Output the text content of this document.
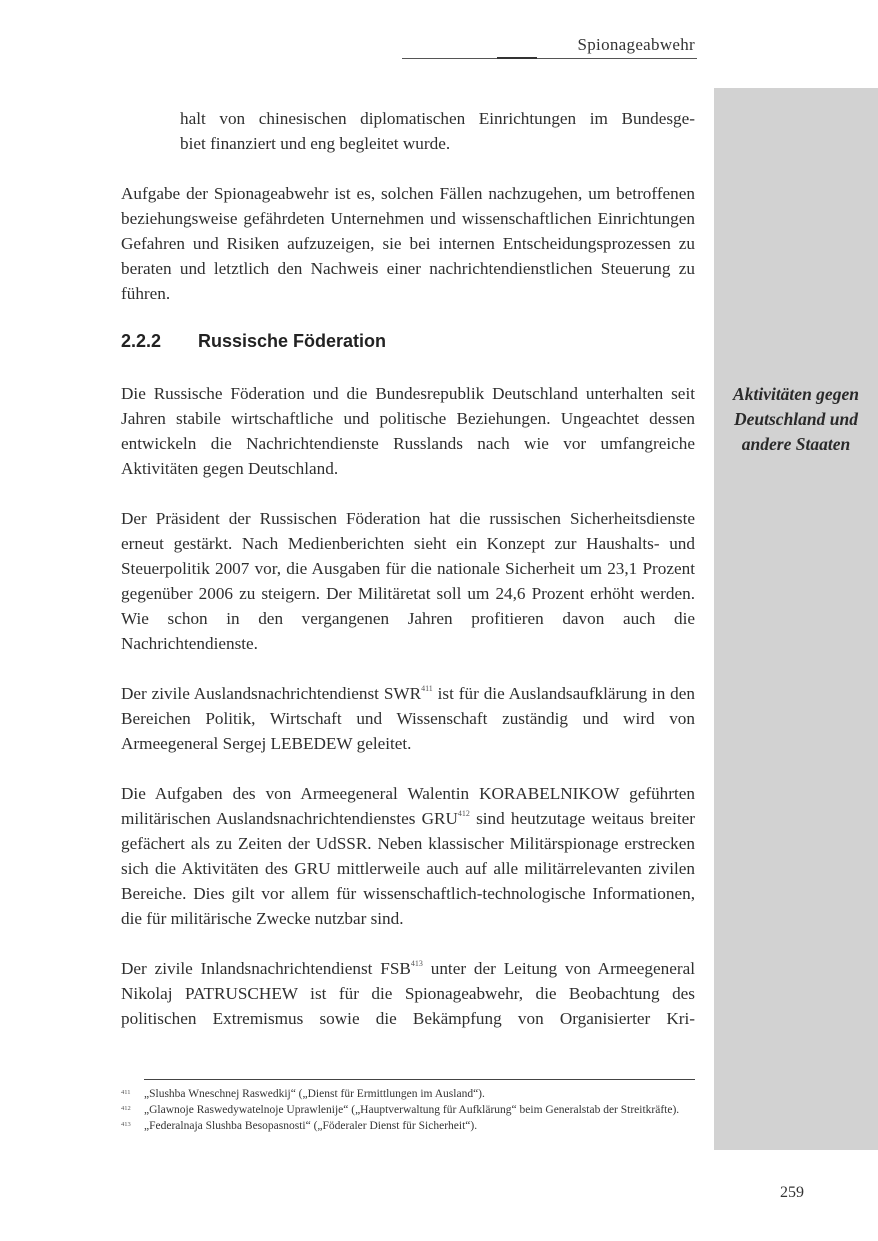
Spionageabwehr
Aktivitäten gegen
Deutschland und
andere Staaten

halt von chinesischen diplomatischen Einrichtungen im Bundesge-

biet finanziert und eng begleitet wurde.

Aufgabe der Spionageabwehr ist es, solchen Fällen nachzugehen, um betroffenen beziehungsweise gefährdeten Unternehmen und wissenschaftlichen Einrichtungen Gefahren und Risiken aufzuzeigen, sie bei internen Entscheidungsprozessen zu beraten und letztlich den Nachweis einer nachrichtendienstlichen Steuerung zu führen.

2.2.2 Russische Föderation

Die Russische Föderation und die Bundesrepublik Deutschland unterhalten seit Jahren stabile wirtschaftliche und politische Beziehungen. Ungeachtet dessen entwickeln die Nachrichtendienste Russlands nach wie vor umfangreiche Aktivitäten gegen Deutschland.

Der Präsident der Russischen Föderation hat die russischen Sicherheitsdienste erneut gestärkt. Nach Medienberichten sieht ein Konzept zur Haushalts- und Steuerpolitik 2007 vor, die Ausgaben für die nationale Sicherheit um 23,1 Prozent gegenüber 2006 zu steigern. Der Militäretat soll um 24,6 Prozent erhöht werden. Wie schon in den vergangenen Jahren profitieren davon auch die Nachrichtendienste.

Der zivile Auslandsnachrichtendienst SWR$^{411}$ ist für die Auslandsaufklärung in den Bereichen Politik, Wirtschaft und Wissenschaft zuständig und wird von Armeegeneral Sergej LEBEDEW geleitet.

Die Aufgaben des von Armeegeneral Walentin KORABELNIKOW geführten militärischen Auslandsnachrichtendienstes GRU$^{412}$ sind heutzutage weitaus breiter gefächert als zu Zeiten der UdSSR. Neben klassischer Militärspionage erstrecken sich die Aktivitäten des GRU mittlerweile auch auf alle militärrelevanten zivilen Bereiche. Dies gilt vor allem für wissenschaftlich-technologische Informationen, die für militärische Zwecke nutzbar sind.

Der zivile Inlandsnachrichtendienst FSB$^{413}$ unter der Leitung von Armeegeneral Nikolaj PATRUSCHEW ist für die Spionageabwehr, die Beobachtung des politischen Extremismus sowie die Bekämpfung von Organisierter Kri-

411 „Slushba Wneschnej Raswedkij“ („Dienst für Ermittlungen im Ausland“).
412 „Glawnoje Raswedywatelnoje Uprawlenije“ („Hauptverwaltung für Aufklärung“ beim Generalstab der Streitkräfte).
413 „Federalnaja Slushba Besopasnosti“ („Föderaler Dienst für Sicherheit“).
259
